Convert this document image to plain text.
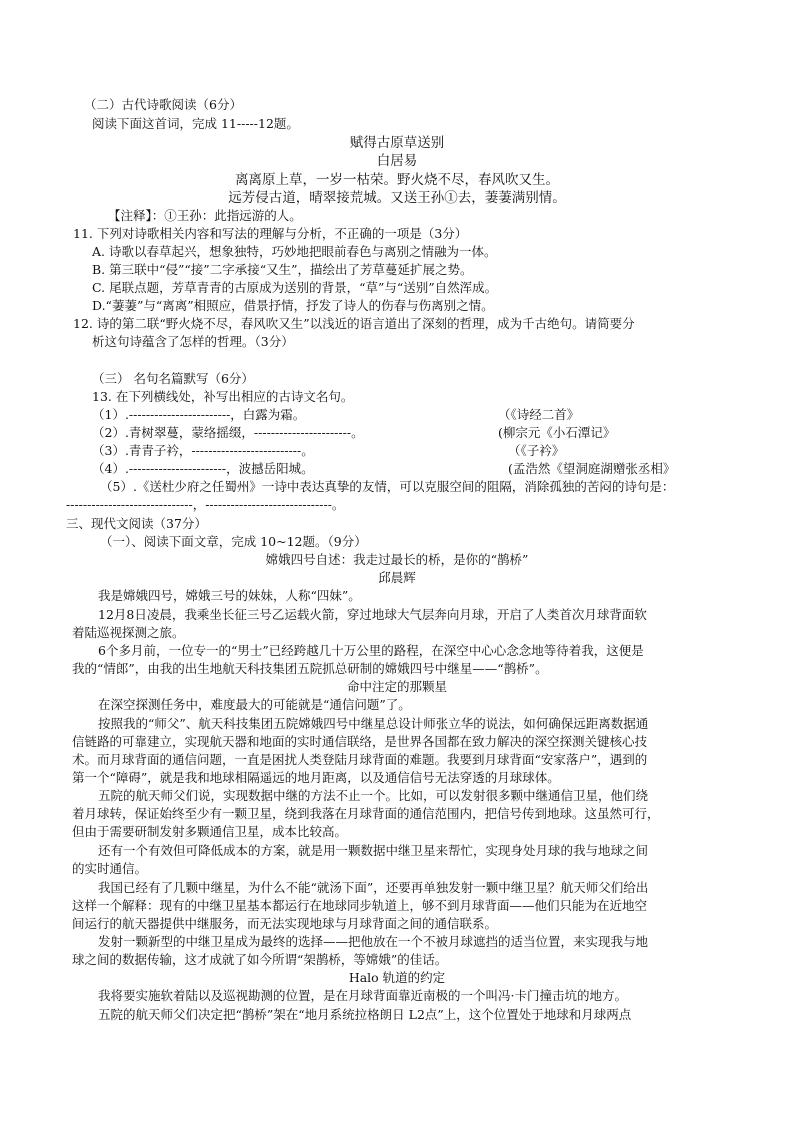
（二）古代诗歌阅读（6分）
阅读下面这首词，完成 11-----12题。
赋得古原草送别
白居易
离离原上草，一岁一枯荣。野火烧不尽，春风吹又生。
远芳侵古道，晴翠接荒城。又送王孙①去，萋萋满别情。
【注释】：①王孙：此指远游的人。
11. 下列对诗歌相关内容和写法的理解与分析，不正确的一项是（3分）
A. 诗歌以春草起兴，想象独特，巧妙地把眼前春色与离别之情融为一体。
B. 第三联中“侵”“接”二字承接“又生”，描绘出了芳草蔓延扩展之势。
C. 尾联点题，芳草青青的古原成为送别的背景，“草”与“送别”自然浑成。
D.“萋萋”与“离离”相照应，借景抒情，抒发了诗人的伤春与伤离别之情。
12. 诗的第二联“野火烧不尽，春风吹又生”以浅近的语言道出了深刻的哲理，成为千古绝句。请简要分
析这句诗蕴含了怎样的哲理。（3分）
（三） 名句名篇默写（6分）
13. 在下列横线处，补写出相应的古诗文名句。
（1）.------------------------，白露为霜。	（《诗经二首》
（2）.青树翠蔓，蒙络摇缀，-----------------------。	(柳宗元《小石潭记》
（3）.青青子衿，--------------------------。	（《子衿》
（4）.-----------------------，波撼岳阳城。	(孟浩然《望洞庭湖赠张丞相》
（5）.《送杜少府之任蜀州》一诗中表达真挚的友情，可以克服空间的阻隔，消除孤独的苦闷的诗句是：
------------------------------，------------------------------。
三、现代文阅读（37分）
（一）、阅读下面文章，完成 10~12题。（9分）
嫦娥四号自述：我走过最长的桥，是你的“鹊桥”
邱晨辉
我是嫦娥四号，嫦娥三号的妹妹，人称“四妹”。
12月8日凌晨，我乘坐长征三号乙运载火箭，穿过地球大气层奔向月球，开启了人类首次月球背面软
着陆巡视探测之旅。
6个多月前，一位专一的“男士”已经跨越几十万公里的路程，在深空中心心念念地等待着我，这便是
我的“情郎”，由我的出生地航天科技集团五院抓总研制的嫦娥四号中继星——“鹊桥”。
命中注定的那颗星
在深空探测任务中，难度最大的可能就是“通信问题”了。
按照我的“师父”、航天科技集团五院嫦娥四号中继星总设计师张立华的说法，如何确保远距离数据通
信链路的可靠建立，实现航天器和地面的实时通信联络，是世界各国都在致力解决的深空探测关键核心技
术。而月球背面的通信问题，一直是困扰人类登陆月球背面的难题。我要到月球背面“安家落户”，遇到的
第一个“障碍”，就是我和地球相隔遥远的地月距离，以及通信信号无法穿透的月球球体。
五院的航天师父们说，实现数据中继的方法不止一个。比如，可以发射很多颗中继通信卫星，他们绕
着月球转，保证始终至少有一颗卫星，绕到我落在月球背面的通信范围内，把信号传到地球。这虽然可行，
但由于需要研制发射多颗通信卫星，成本比较高。
还有一个有效但可降低成本的方案，就是用一颗数据中继卫星来帮忙，实现身处月球的我与地球之间
的实时通信。
我国已经有了几颗中继星，为什么不能“就汤下面”，还要再单独发射一颗中继卫星？航天师父们给出
这样一个解释：现有的中继卫星基本都运行在地球同步轨道上，够不到月球背面——他们只能为在近地空
间运行的航天器提供中继服务，而无法实现地球与月球背面之间的通信联系。
发射一颗新型的中继卫星成为最终的选择——把他放在一个不被月球遮挡的适当位置，来实现我与地
球之间的数据传输，这才成就了如今所谓“架鹊桥，等嫦娥”的佳话。
Halo 轨道的约定
我将要实施软着陆以及巡视勘测的位置，是在月球背面靠近南极的一个叫冯·卡门撞击坑的地方。
五院的航天师父们决定把“鹊桥”架在“地月系统拉格朗日 L2点”上，这个位置处于地球和月球两点
